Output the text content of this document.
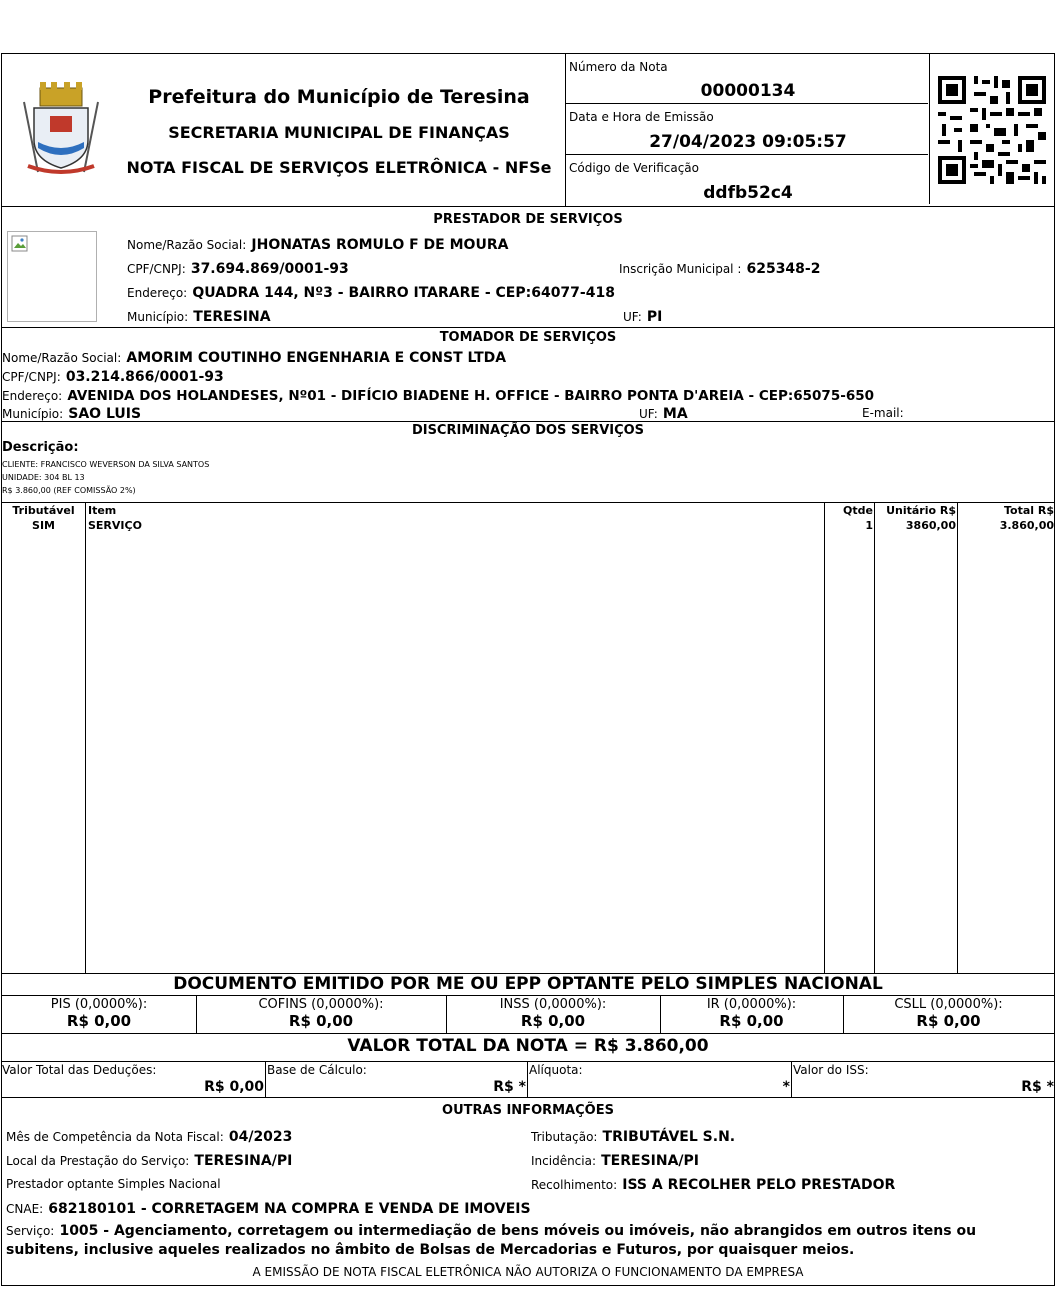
Prefeitura do Município de Teresina
SECRETARIA MUNICIPAL DE FINANÇAS
NOTA FISCAL DE SERVIÇOS ELETRÔNICA - NFSe
Número da Nota
00000134
Data e Hora de Emissão
27/04/2023 09:05:57
Código de Verificação
ddfb52c4
PRESTADOR DE SERVIÇOS
Nome/Razão Social: JHONATAS ROMULO F DE MOURA
CPF/CNPJ: 37.694.869/0001-93	Inscrição Municipal : 625348-2
Endereço: QUADRA 144, Nº3 - BAIRRO ITARARE - CEP:64077-418
Município: TERESINA	UF: PI
TOMADOR DE SERVIÇOS
Nome/Razão Social: AMORIM COUTINHO ENGENHARIA E CONST LTDA
CPF/CNPJ: 03.214.866/0001-93
Endereço: AVENIDA DOS HOLANDESES, Nº01 - DIFÍCIO BIADENE H. OFFICE - BAIRRO PONTA D'AREIA - CEP:65075-650
Município: SAO LUIS	UF: MA	E-mail:
DISCRIMINAÇÃO DOS SERVIÇOS
Descrição:
CLIENTE: FRANCISCO WEVERSON DA SILVA SANTOS
UNIDADE: 304 BL 13
R$ 3.860,00 (REF COMISSÃO 2%)
Tributável	Item	Qtde	Unitário R$	Total R$
SIM	SERVIÇO	1	3860,00	3.860,00
DOCUMENTO EMITIDO POR ME OU EPP OPTANTE PELO SIMPLES NACIONAL
PIS (0,0000%):
R$ 0,00
COFINS (0,0000%):
R$ 0,00
INSS (0,0000%):
R$ 0,00
IR (0,0000%):
R$ 0,00
CSLL (0,0000%):
R$ 0,00
VALOR TOTAL DA NOTA = R$ 3.860,00
Valor Total das Deduções:
R$ 0,00
Base de Cálculo:
R$ *
Alíquota:
*
Valor do ISS:
R$ *
OUTRAS INFORMAÇÕES
Mês de Competência da Nota Fiscal: 04/2023	Tributação: TRIBUTÁVEL S.N.
Local da Prestação do Serviço: TERESINA/PI	Incidência: TERESINA/PI
Prestador optante Simples Nacional	Recolhimento: ISS A RECOLHER PELO PRESTADOR
CNAE: 682180101 - CORRETAGEM NA COMPRA E VENDA DE IMOVEIS
Serviço: 1005 - Agenciamento, corretagem ou intermediação de bens móveis ou imóveis, não abrangidos em outros itens ou subitens, inclusive aqueles realizados no âmbito de Bolsas de Mercadorias e Futuros, por quaisquer meios.
A EMISSÃO DE NOTA FISCAL ELETRÔNICA NÃO AUTORIZA O FUNCIONAMENTO DA EMPRESA
